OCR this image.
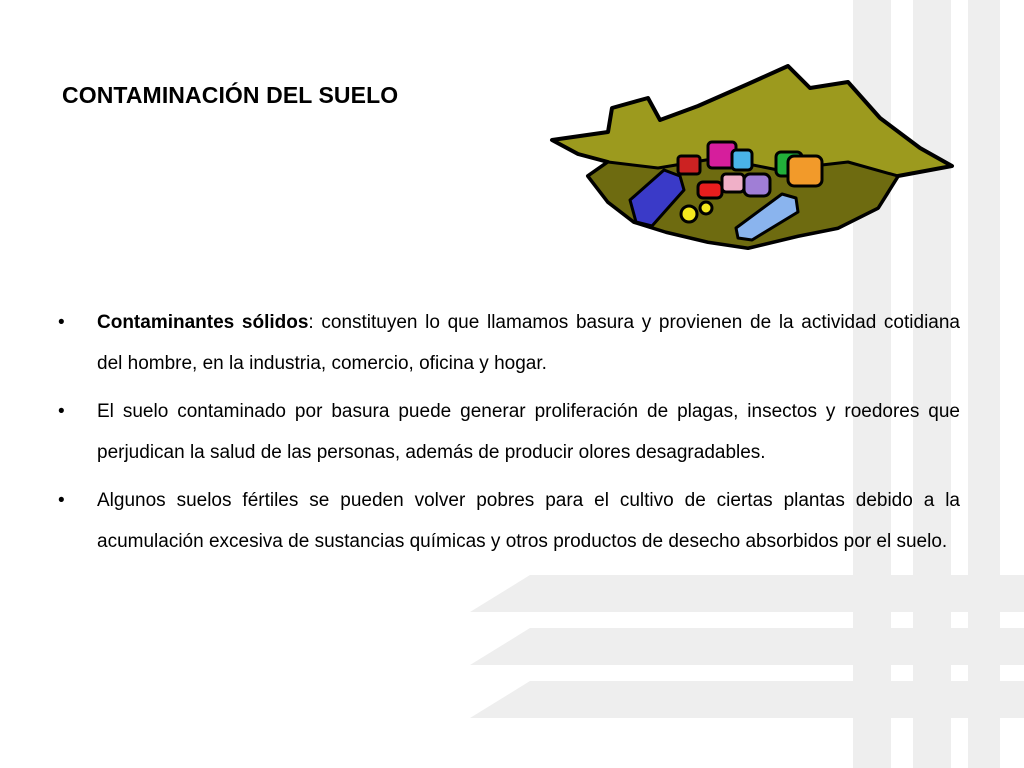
CONTAMINACIÓN DEL SUELO
• Contaminantes sólidos: constituyen lo que llamamos basura y provienen de la actividad cotidiana del hombre, en la industria, comercio, oficina y hogar.
• El suelo contaminado por basura puede generar proliferación de plagas, insectos y roedores que perjudican la salud de las personas, además de producir olores desagradables.
• Algunos suelos fértiles se pueden volver pobres para el cultivo de ciertas plantas debido a la acumulación excesiva de sustancias químicas y otros productos de desecho absorbidos por el suelo.
